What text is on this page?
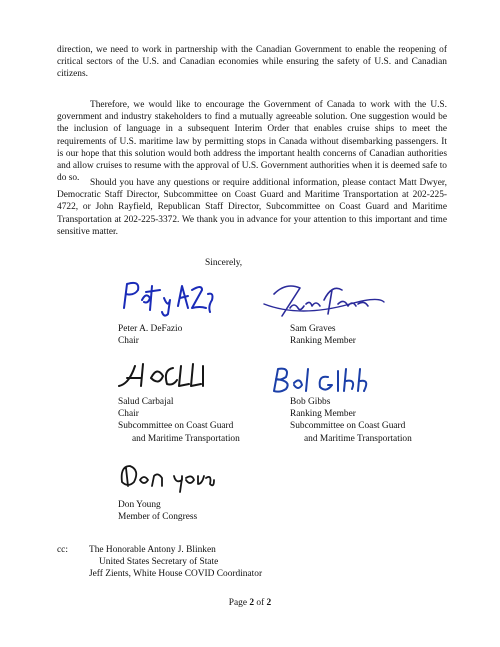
direction, we need to work in partnership with the Canadian Government to enable the reopening of critical sectors of the U.S. and Canadian economies while ensuring the safety of U.S. and Canadian citizens.

Therefore, we would like to encourage the Government of Canada to work with the U.S. government and industry stakeholders to find a mutually agreeable solution. One suggestion would be the inclusion of language in a subsequent Interim Order that enables cruise ships to meet the requirements of U.S. maritime law by permitting stops in Canada without disembarking passengers. It is our hope that this solution would both address the important health concerns of Canadian authorities and allow cruises to resume with the approval of U.S. Government authorities when it is deemed safe to do so.	Should you have any questions or require additional information, please contact Matt Dwyer, Democratic Staff Director, Subcommittee on Coast Guard and Maritime Transportation at 202-225-4722, or John Rayfield, Republican Staff Director, Subcommittee on Coast Guard and Maritime Transportation at 202-225-3372. We thank you in advance for your attention to this important and time sensitive matter.

Sincerely,
Peter A. DeFazio
Chair
Sam Graves
Ranking Member
Salud Carbajal
Chair
Subcommittee on Coast Guard
and Maritime Transportation
Bob Gibbs
Ranking Member
Subcommittee on Coast Guard
and Maritime Transportation
Don Young
Member of Congress
cc: The Honorable Antony J. Blinken
United States Secretary of State
Jeff Zients, White House COVID Coordinator
Page 2 of 2
